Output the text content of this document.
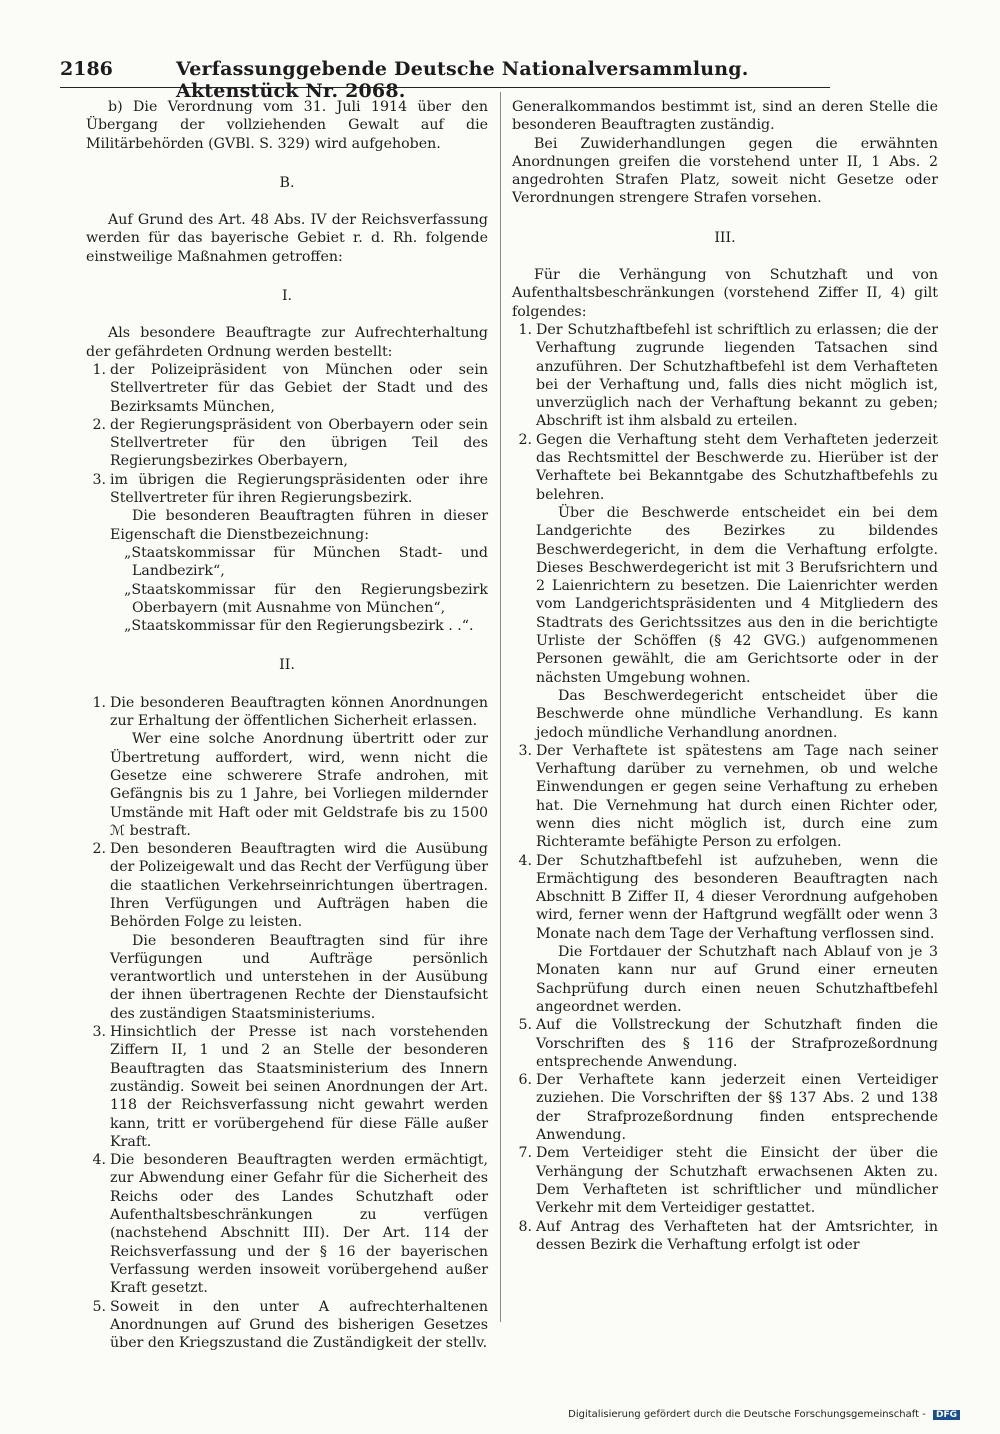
2186	Verfassunggebende Deutsche Nationalversammlung. Aktenstück Nr. 2068.

b) Die Verordnung vom 31. Juli 1914 über den Übergang der vollziehenden Gewalt auf die Militärbehörden (GVBl. S. 329) wird aufgehoben.

B.

Auf Grund des Art. 48 Abs. IV der Reichsverfassung werden für das bayerische Gebiet r. d. Rh. folgende einstweilige Maßnahmen getroffen:

I.

Als besondere Beauftragte zur Aufrechterhaltung der gefährdeten Ordnung werden bestellt:

1. der Polizeipräsident von München oder sein Stellvertreter für das Gebiet der Stadt und des Bezirksamts München,

2. der Regierungspräsident von Oberbayern oder sein Stellvertreter für den übrigen Teil des Regierungsbezirkes Oberbayern,

3. im übrigen die Regierungspräsidenten oder ihre Stellvertreter für ihren Regierungsbezirk.

Die besonderen Beauftragten führen in dieser Eigenschaft die Dienstbezeichnung:

„Staatskommissar für München Stadt- und Landbezirk“,

„Staatskommissar für den Regierungsbezirk Oberbayern (mit Ausnahme von München“,

„Staatskommissar für den Regierungsbezirk . .“.

II.

1. Die besonderen Beauftragten können Anordnungen zur Erhaltung der öffentlichen Sicherheit erlassen.

Wer eine solche Anordnung übertritt oder zur Übertretung auffordert, wird, wenn nicht die Gesetze eine schwerere Strafe androhen, mit Gefängnis bis zu 1 Jahre, bei Vorliegen mildernder Umstände mit Haft oder mit Geldstrafe bis zu 1500 ℳ bestraft.

2. Den besonderen Beauftragten wird die Ausübung der Polizeigewalt und das Recht der Verfügung über die staatlichen Verkehrseinrichtungen übertragen. Ihren Verfügungen und Aufträgen haben die Behörden Folge zu leisten.

Die besonderen Beauftragten sind für ihre Verfügungen und Aufträge persönlich verantwortlich und unterstehen in der Ausübung der ihnen übertragenen Rechte der Dienstaufsicht des zuständigen Staatsministeriums.

3. Hinsichtlich der Presse ist nach vorstehenden Ziffern II, 1 und 2 an Stelle der besonderen Beauftragten das Staatsministerium des Innern zuständig. Soweit bei seinen Anordnungen der Art. 118 der Reichsverfassung nicht gewahrt werden kann, tritt er vorübergehend für diese Fälle außer Kraft.

4. Die besonderen Beauftragten werden ermächtigt, zur Abwendung einer Gefahr für die Sicherheit des Reichs oder des Landes Schutzhaft oder Aufenthaltsbeschränkungen zu verfügen (nachstehend Abschnitt III). Der Art. 114 der Reichsverfassung und der § 16 der bayerischen Verfassung werden insoweit vorübergehend außer Kraft gesetzt.

5. Soweit in den unter A aufrechterhaltenen Anordnungen auf Grund des bisherigen Gesetzes über den Kriegszustand die Zuständigkeit der stellv.

Generalkommandos bestimmt ist, sind an deren Stelle die besonderen Beauftragten zuständig.

Bei Zuwiderhandlungen gegen die erwähnten Anordnungen greifen die vorstehend unter II, 1 Abs. 2 angedrohten Strafen Platz, soweit nicht Gesetze oder Verordnungen strengere Strafen vorsehen.

III.

Für die Verhängung von Schutzhaft und von Aufenthaltsbeschränkungen (vorstehend Ziffer II, 4) gilt folgendes:

1. Der Schutzhaftbefehl ist schriftlich zu erlassen; die der Verhaftung zugrunde liegenden Tatsachen sind anzuführen. Der Schutzhaftbefehl ist dem Verhafteten bei der Verhaftung und, falls dies nicht möglich ist, unverzüglich nach der Verhaftung bekannt zu geben; Abschrift ist ihm alsbald zu erteilen.

2. Gegen die Verhaftung steht dem Verhafteten jederzeit das Rechtsmittel der Beschwerde zu. Hierüber ist der Verhaftete bei Bekanntgabe des Schutzhaftbefehls zu belehren.

Über die Beschwerde entscheidet ein bei dem Landgerichte des Bezirkes zu bildendes Beschwerdegericht, in dem die Verhaftung erfolgte. Dieses Beschwerdegericht ist mit 3 Berufsrichtern und 2 Laienrichtern zu besetzen. Die Laienrichter werden vom Landgerichtspräsidenten und 4 Mitgliedern des Stadtrats des Gerichtssitzes aus den in die berichtigte Urliste der Schöffen (§ 42 GVG.) aufgenommenen Personen gewählt, die am Gerichtsorte oder in der nächsten Umgebung wohnen.

Das Beschwerdegericht entscheidet über die Beschwerde ohne mündliche Verhandlung. Es kann jedoch mündliche Verhandlung anordnen.

3. Der Verhaftete ist spätestens am Tage nach seiner Verhaftung darüber zu vernehmen, ob und welche Einwendungen er gegen seine Verhaftung zu erheben hat. Die Vernehmung hat durch einen Richter oder, wenn dies nicht möglich ist, durch eine zum Richteramte befähigte Person zu erfolgen.

4. Der Schutzhaftbefehl ist aufzuheben, wenn die Ermächtigung des besonderen Beauftragten nach Abschnitt B Ziffer II, 4 dieser Verordnung aufgehoben wird, ferner wenn der Haftgrund wegfällt oder wenn 3 Monate nach dem Tage der Verhaftung verflossen sind.

Die Fortdauer der Schutzhaft nach Ablauf von je 3 Monaten kann nur auf Grund einer erneuten Sachprüfung durch einen neuen Schutzhaftbefehl angeordnet werden.

5. Auf die Vollstreckung der Schutzhaft finden die Vorschriften des § 116 der Strafprozeßordnung entsprechende Anwendung.

6. Der Verhaftete kann jederzeit einen Verteidiger zuziehen. Die Vorschriften der §§ 137 Abs. 2 und 138 der Strafprozeßordnung finden entsprechende Anwendung.

7. Dem Verteidiger steht die Einsicht der über die Verhängung der Schutzhaft erwachsenen Akten zu. Dem Verhafteten ist schriftlicher und mündlicher Verkehr mit dem Verteidiger gestattet.

8. Auf Antrag des Verhafteten hat der Amtsrichter, in dessen Bezirk die Verhaftung erfolgt ist oder

Digitalisierung gefördert durch die Deutsche Forschungsgemeinschaft - DFG
